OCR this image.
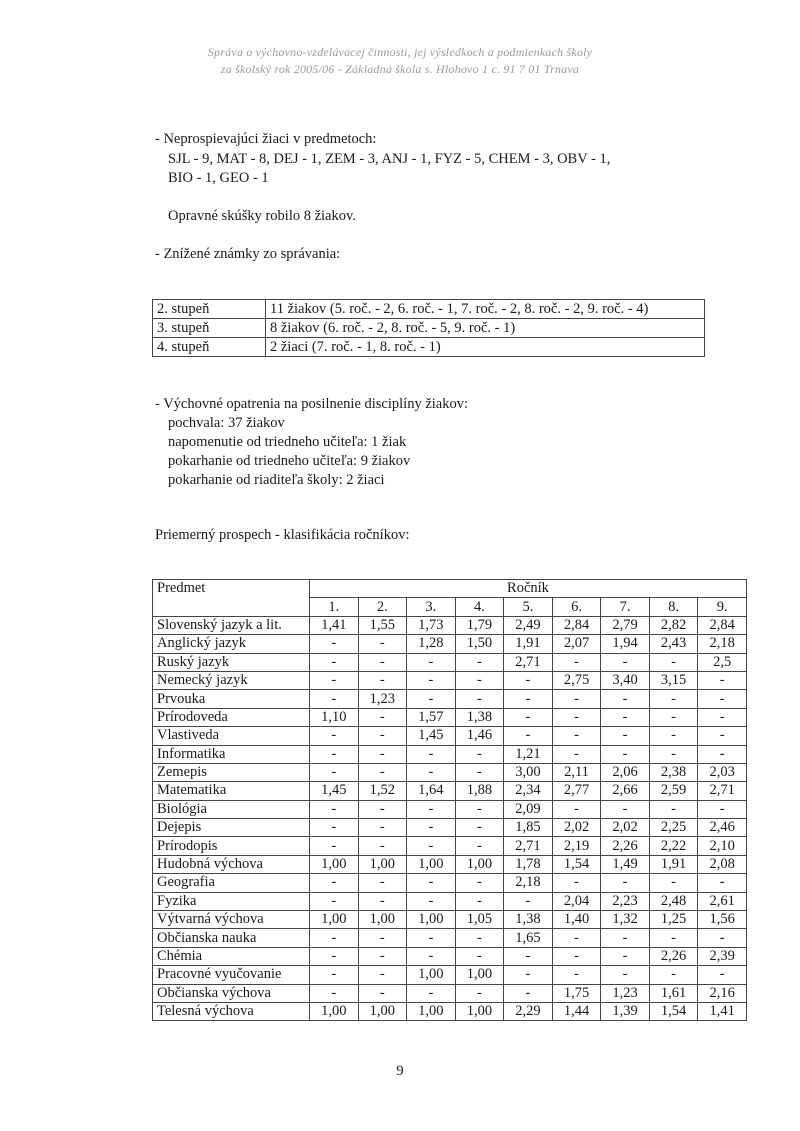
Správa o výchovno-vzdelávacej činnosti, jej výsledkoch a podmienkach školy
za školský rok 2005/06 - Základná škola s. Hlohovo 1 c. 91 7 01 Trnava
- Neprospievajúci žiaci v predmetoch:
SJL - 9, MAT - 8, DEJ - 1, ZEM - 3, ANJ - 1, FYZ - 5, CHEM - 3, OBV - 1,
BIO - 1, GEO - 1
Opravné skúšky robilo 8 žiakov.
- Znížené známky zo správania:
2. stupeň	11 žiakov (5. roč. - 2, 6. roč. - 1, 7. roč. - 2, 8. roč. - 2, 9. roč. - 4)
3. stupeň	8 žiakov (6. roč. - 2, 8. roč. - 5, 9. roč. - 1)
4. stupeň	2 žiaci (7. roč. - 1, 8. roč. - 1)
- Výchovné opatrenia na posilnenie disciplíny žiakov:
pochvala: 37 žiakov
napomenutie od triedneho učiteľa: 1 žiak
pokarhanie od triedneho učiteľa: 9 žiakov
pokarhanie od riaditeľa školy: 2 žiaci
Priemerný prospech - klasifikácia ročníkov:
Predmet	Ročník								
	1.	2.	3.	4.	5.	6.	7.	8.	9.
Slovenský jazyk a lit.	1,41	1,55	1,73	1,79	2,49	2,84	2,79	2,82	2,84
Anglický jazyk	-	-	1,28	1,50	1,91	2,07	1,94	2,43	2,18
Ruský jazyk	-	-	-	-	2,71	-	-	-	2,5
Nemecký jazyk	-	-	-	-	-	2,75	3,40	3,15	-
Prvouka	-	1,23	-	-	-	-	-	-	-
Prírodoveda	1,10	-	1,57	1,38	-	-	-	-	-
Vlastiveda	-	-	1,45	1,46	-	-	-	-	-
Informatika	-	-	-	-	1,21	-	-	-	-
Zemepis	-	-	-	-	3,00	2,11	2,06	2,38	2,03
Matematika	1,45	1,52	1,64	1,88	2,34	2,77	2,66	2,59	2,71
Biológia	-	-	-	-	2,09	-	-	-	-
Dejepis	-	-	-	-	1,85	2,02	2,02	2,25	2,46
Prírodopis	-	-	-	-	2,71	2,19	2,26	2,22	2,10
Hudobná výchova	1,00	1,00	1,00	1,00	1,78	1,54	1,49	1,91	2,08
Geografia	-	-	-	-	2,18	-	-	-	-
Fyzika	-	-	-	-	-	2,04	2,23	2,48	2,61
Výtvarná výchova	1,00	1,00	1,00	1,05	1,38	1,40	1,32	1,25	1,56
Občianska nauka	-	-	-	-	1,65	-	-	-	-
Chémia	-	-	-	-	-	-	-	2,26	2,39
Pracovné vyučovanie	-	-	1,00	1,00	-	-	-	-	-
Občianska výchova	-	-	-	-	-	1,75	1,23	1,61	2,16
Telesná výchova	1,00	1,00	1,00	1,00	2,29	1,44	1,39	1,54	1,41
9
